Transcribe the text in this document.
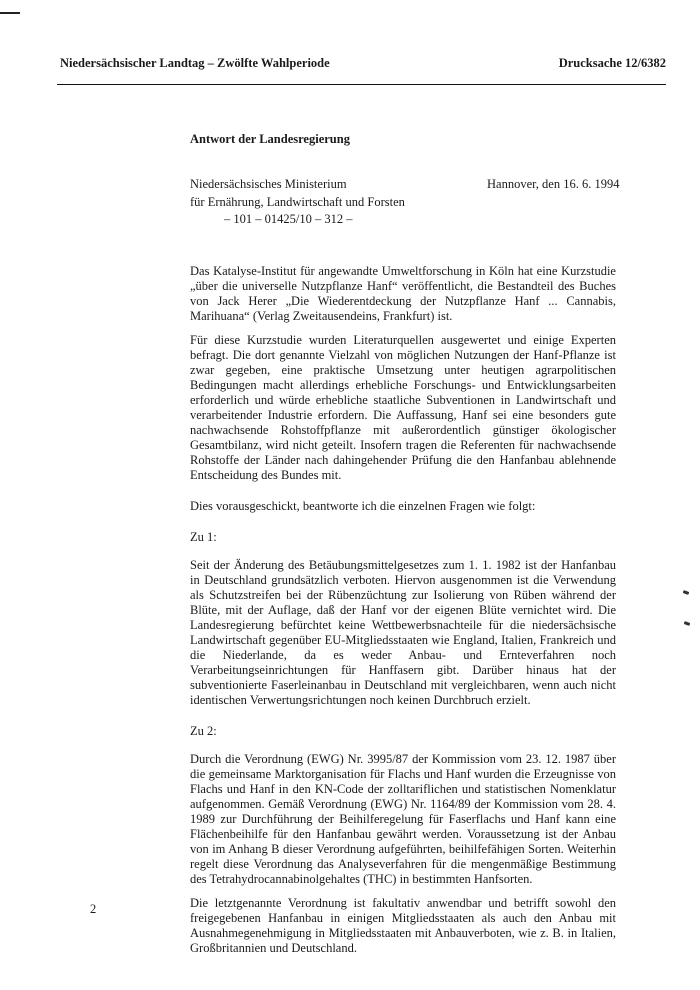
Niedersächsischer Landtag – Zwölfte Wahlperiode	Drucksache 12/6382
Antwort der Landesregierung
Niedersächsisches Ministerium
für Ernährung, Landwirtschaft und Forsten
– 101 – 01425/10 – 312 –
Hannover, den 16. 6. 1994

Das Katalyse-Institut für angewandte Umweltforschung in Köln hat eine Kurzstudie „über die universelle Nutzpflanze Hanf“ veröffentlicht, die Bestandteil des Buches von Jack Herer „Die Wiederentdeckung der Nutzpflanze Hanf ... Cannabis, Marihuana“ (Verlag Zweitausendeins, Frankfurt) ist.

Für diese Kurzstudie wurden Literaturquellen ausgewertet und einige Experten befragt. Die dort genannte Vielzahl von möglichen Nutzungen der Hanf-Pflanze ist zwar gegeben, eine praktische Umsetzung unter heutigen agrarpolitischen Bedingungen macht allerdings erhebliche Forschungs- und Entwicklungsarbeiten erforderlich und würde erhebliche staatliche Subventionen in Landwirtschaft und verarbeitender Industrie erfordern. Die Auffassung, Hanf sei eine besonders gute nachwachsende Rohstoffpflanze mit außerordentlich günstiger ökologischer Gesamtbilanz, wird nicht geteilt. Insofern tragen die Referenten für nachwachsende Rohstoffe der Länder nach dahingehender Prüfung die den Hanfanbau ablehnende Entscheidung des Bundes mit.

Dies vorausgeschickt, beantworte ich die einzelnen Fragen wie folgt:

Zu 1:

Seit der Änderung des Betäubungsmittelgesetzes zum 1. 1. 1982 ist der Hanfanbau in Deutschland grundsätzlich verboten. Hiervon ausgenommen ist die Verwendung als Schutzstreifen bei der Rübenzüchtung zur Isolierung von Rüben während der Blüte, mit der Auflage, daß der Hanf vor der eigenen Blüte vernichtet wird. Die Landesregierung befürchtet keine Wettbewerbsnachteile für die niedersächsische Landwirtschaft gegenüber EU-Mitgliedsstaaten wie England, Italien, Frankreich und die Niederlande, da es weder Anbau- und Ernteverfahren noch Verarbeitungseinrichtungen für Hanffasern gibt. Darüber hinaus hat der subventionierte Faserleinanbau in Deutschland mit vergleichbaren, wenn auch nicht identischen Verwertungsrichtungen noch keinen Durchbruch erzielt.

Zu 2:

Durch die Verordnung (EWG) Nr. 3995/87 der Kommission vom 23. 12. 1987 über die gemeinsame Marktorganisation für Flachs und Hanf wurden die Erzeugnisse von Flachs und Hanf in den KN-Code der zolltariflichen und statistischen Nomenklatur aufgenommen. Gemäß Verordnung (EWG) Nr. 1164/89 der Kommission vom 28. 4. 1989 zur Durchführung der Beihilferegelung für Faserflachs und Hanf kann eine Flächenbeihilfe für den Hanfanbau gewährt werden. Voraussetzung ist der Anbau von im Anhang B dieser Verordnung aufgeführten, beihilfefähigen Sorten. Weiterhin regelt diese Verordnung das Analyseverfahren für die mengenmäßige Bestimmung des Tetrahydrocannabinolgehaltes (THC) in bestimmten Hanfsorten.

Die letztgenannte Verordnung ist fakultativ anwendbar und betrifft sowohl den freigegebenen Hanfanbau in einigen Mitgliedsstaaten als auch den Anbau mit Ausnahmegenehmigung in Mitgliedsstaaten mit Anbauverboten, wie z. B. in Italien, Großbritannien und Deutschland.

2
